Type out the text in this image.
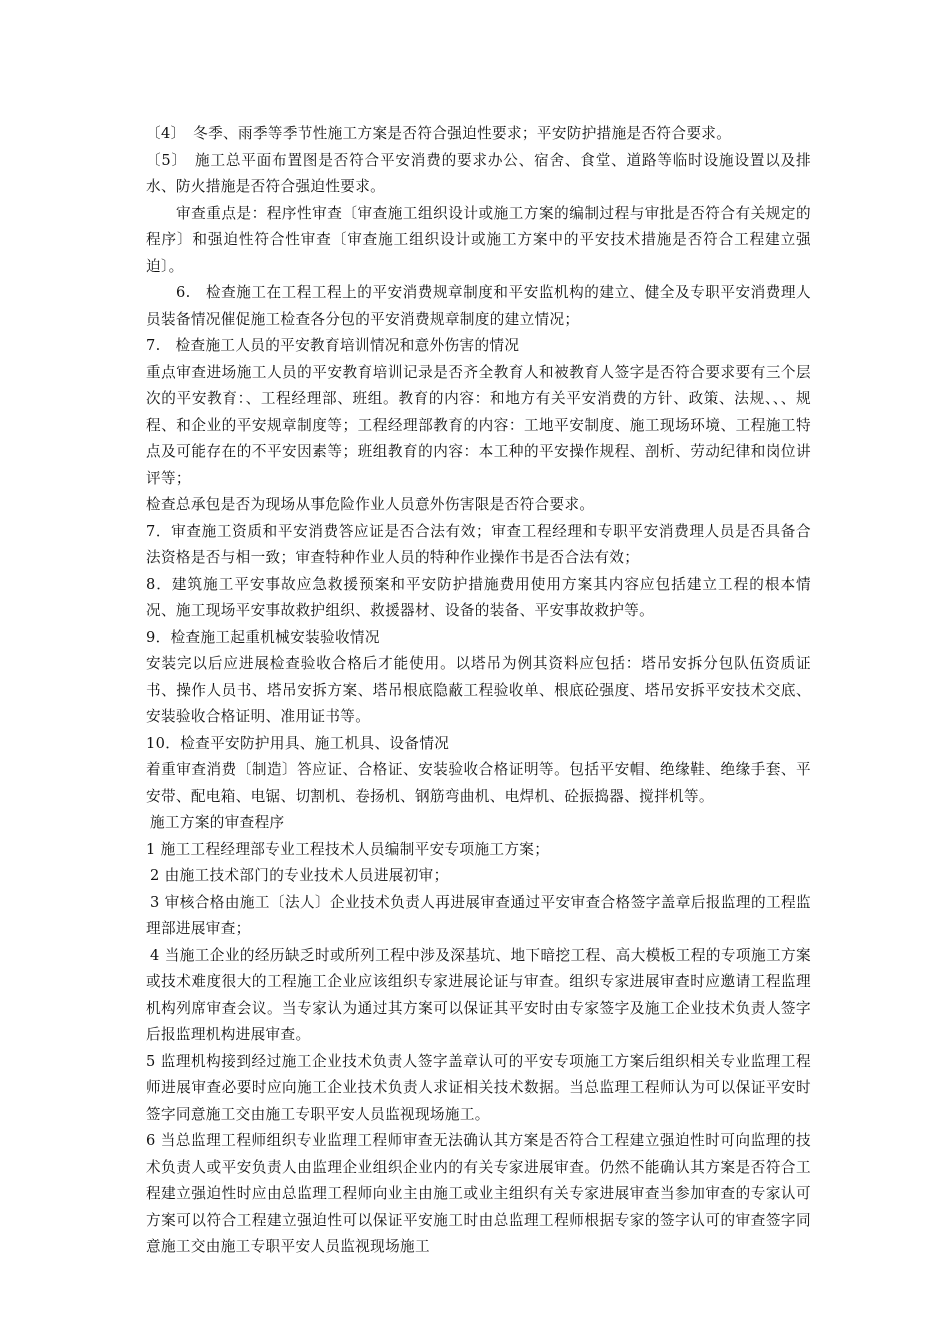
〔4〕　冬季、雨季等季节性施工方案是否符合强迫性要求；平安防护措施是否符合要求。

〔5〕　施工总平面布置图是否符合平安消费的要求办公、宿舍、食堂、道路等临时设施设置以及排水、防火措施是否符合强迫性要求。

审查重点是：程序性审查〔审查施工组织设计或施工方案的编制过程与审批是否符合有关规定的程序〕和强迫性符合性审查〔审查施工组织设计或施工方案中的平安技术措施是否符合工程建立强迫〕。

6.　检查施工在工程工程上的平安消费规章制度和平安监机构的建立、健全及专职平安消费理人员装备情况催促施工检查各分包的平安消费规章制度的建立情况；

7.　检查施工人员的平安教育培训情况和意外伤害的情况

重点审查进场施工人员的平安教育培训记录是否齐全教育人和被教育人签字是否符合要求要有三个层次的平安教育：、工程经理部、班组。教育的内容：和地方有关平安消费的方针、政策、法规、、、规程、和企业的平安规章制度等；工程经理部教育的内容：工地平安制度、施工现场环境、工程施工特点及可能存在的不平安因素等；班组教育的内容：本工种的平安操作规程、剖析、劳动纪律和岗位讲评等；

检查总承包是否为现场从事危险作业人员意外伤害限是否符合要求。

7．审查施工资质和平安消费答应证是否合法有效；审查工程经理和专职平安消费理人员是否具备合法资格是否与相一致；审查特种作业人员的特种作业操作书是否合法有效；

8．建筑施工平安事故应急救援预案和平安防护措施费用使用方案其内容应包括建立工程的根本情况、施工现场平安事故救护组织、救援器材、设备的装备、平安事故救护等。

9．检查施工起重机械安装验收情况

安装完以后应进展检查验收合格后才能使用。以塔吊为例其资料应包括：塔吊安拆分包队伍资质证书、操作人员书、塔吊安拆方案、塔吊根底隐蔽工程验收单、根底砼强度、塔吊安拆平安技术交底、安装验收合格证明、准用证书等。

10．检查平安防护用具、施工机具、设备情况

着重审查消费〔制造〕答应证、合格证、安装验收合格证明等。包括平安帽、绝缘鞋、绝缘手套、平安带、配电箱、电锯、切割机、卷扬机、钢筋弯曲机、电焊机、砼振捣器、搅拌机等。

施工方案的审查程序

1 施工工程经理部专业工程技术人员编制平安专项施工方案；

2 由施工技术部门的专业技术人员进展初审；

3 审核合格由施工〔法人〕企业技术负责人再进展审查通过平安审查合格签字盖章后报监理的工程监理部进展审查；

4 当施工企业的经历缺乏时或所列工程中涉及深基坑、地下暗挖工程、高大模板工程的专项施工方案或技术难度很大的工程施工企业应该组织专家进展论证与审查。组织专家进展审查时应邀请工程监理机构列席审查会议。当专家认为通过其方案可以保证其平安时由专家签字及施工企业技术负责人签字后报监理机构进展审查。

5 监理机构接到经过施工企业技术负责人签字盖章认可的平安专项施工方案后组织相关专业监理工程师进展审查必要时应向施工企业技术负责人求证相关技术数据。当总监理工程师认为可以保证平安时签字同意施工交由施工专职平安人员监视现场施工。

6 当总监理工程师组织专业监理工程师审查无法确认其方案是否符合工程建立强迫性时可向监理的技术负责人或平安负责人由监理企业组织企业内的有关专家进展审查。仍然不能确认其方案是否符合工程建立强迫性时应由总监理工程师向业主由施工或业主组织有关专家进展审查当参加审查的专家认可方案可以符合工程建立强迫性可以保证平安施工时由总监理工程师根据专家的签字认可的审查签字同意施工交由施工专职平安人员监视现场施工
